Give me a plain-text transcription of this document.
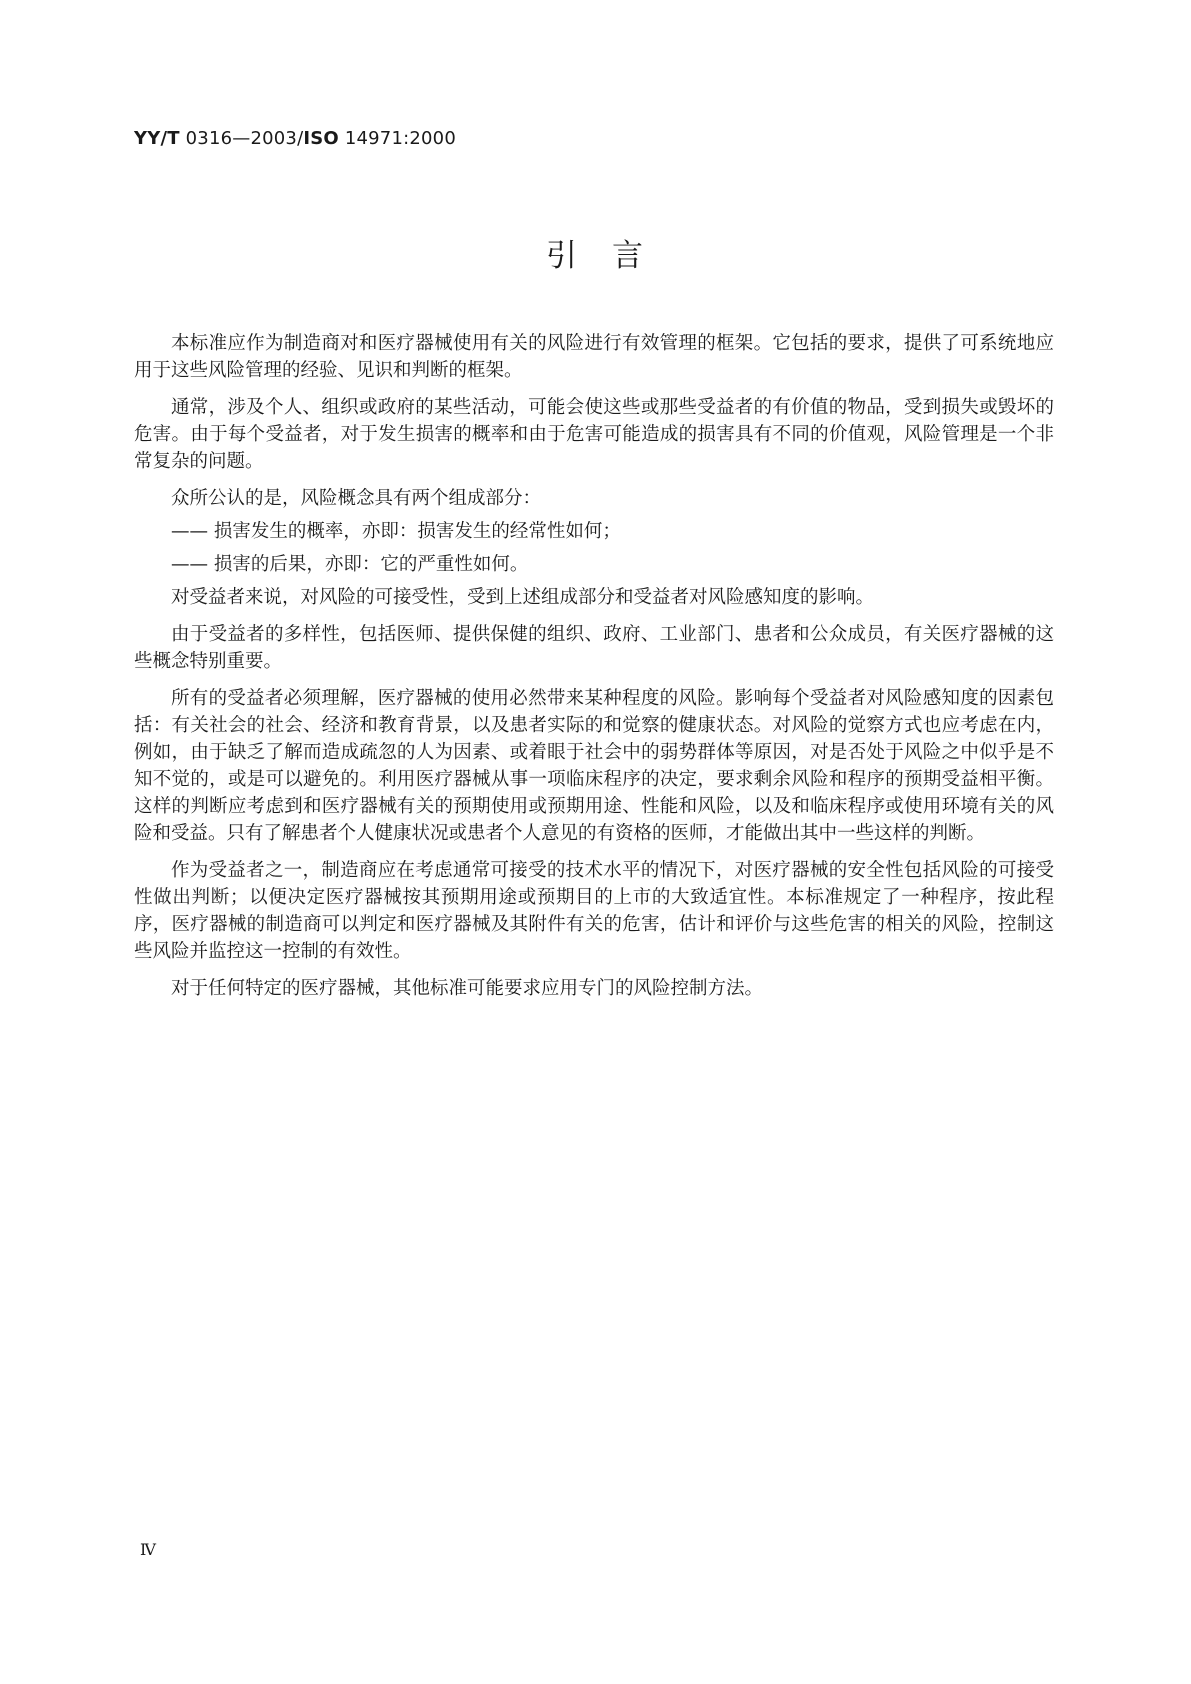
YY/T 0316—2003/ISO 14971:2000
引　言

本标准应作为制造商对和医疗器械使用有关的风险进行有效管理的框架。它包括的要求，提供了可系统地应用于这些风险管理的经验、见识和判断的框架。

通常，涉及个人、组织或政府的某些活动，可能会使这些或那些受益者的有价值的物品，受到损失或毁坏的危害。由于每个受益者，对于发生损害的概率和由于危害可能造成的损害具有不同的价值观，风险管理是一个非常复杂的问题。

众所公认的是，风险概念具有两个组成部分：

—— 损害发生的概率，亦即：损害发生的经常性如何；

—— 损害的后果，亦即：它的严重性如何。

对受益者来说，对风险的可接受性，受到上述组成部分和受益者对风险感知度的影响。

由于受益者的多样性，包括医师、提供保健的组织、政府、工业部门、患者和公众成员，有关医疗器械的这些概念特别重要。

所有的受益者必须理解，医疗器械的使用必然带来某种程度的风险。影响每个受益者对风险感知度的因素包括：有关社会的社会、经济和教育背景，以及患者实际的和觉察的健康状态。对风险的觉察方式也应考虑在内，例如，由于缺乏了解而造成疏忽的人为因素、或着眼于社会中的弱势群体等原因，对是否处于风险之中似乎是不知不觉的，或是可以避免的。利用医疗器械从事一项临床程序的决定，要求剩余风险和程序的预期受益相平衡。这样的判断应考虑到和医疗器械有关的预期使用或预期用途、性能和风险，以及和临床程序或使用环境有关的风险和受益。只有了解患者个人健康状况或患者个人意见的有资格的医师，才能做出其中一些这样的判断。

作为受益者之一，制造商应在考虑通常可接受的技术水平的情况下，对医疗器械的安全性包括风险的可接受性做出判断；以便决定医疗器械按其预期用途或预期目的上市的大致适宜性。本标准规定了一种程序，按此程序，医疗器械的制造商可以判定和医疗器械及其附件有关的危害，估计和评价与这些危害的相关的风险，控制这些风险并监控这一控制的有效性。

对于任何特定的医疗器械，其他标准可能要求应用专门的风险控制方法。

Ⅳ
